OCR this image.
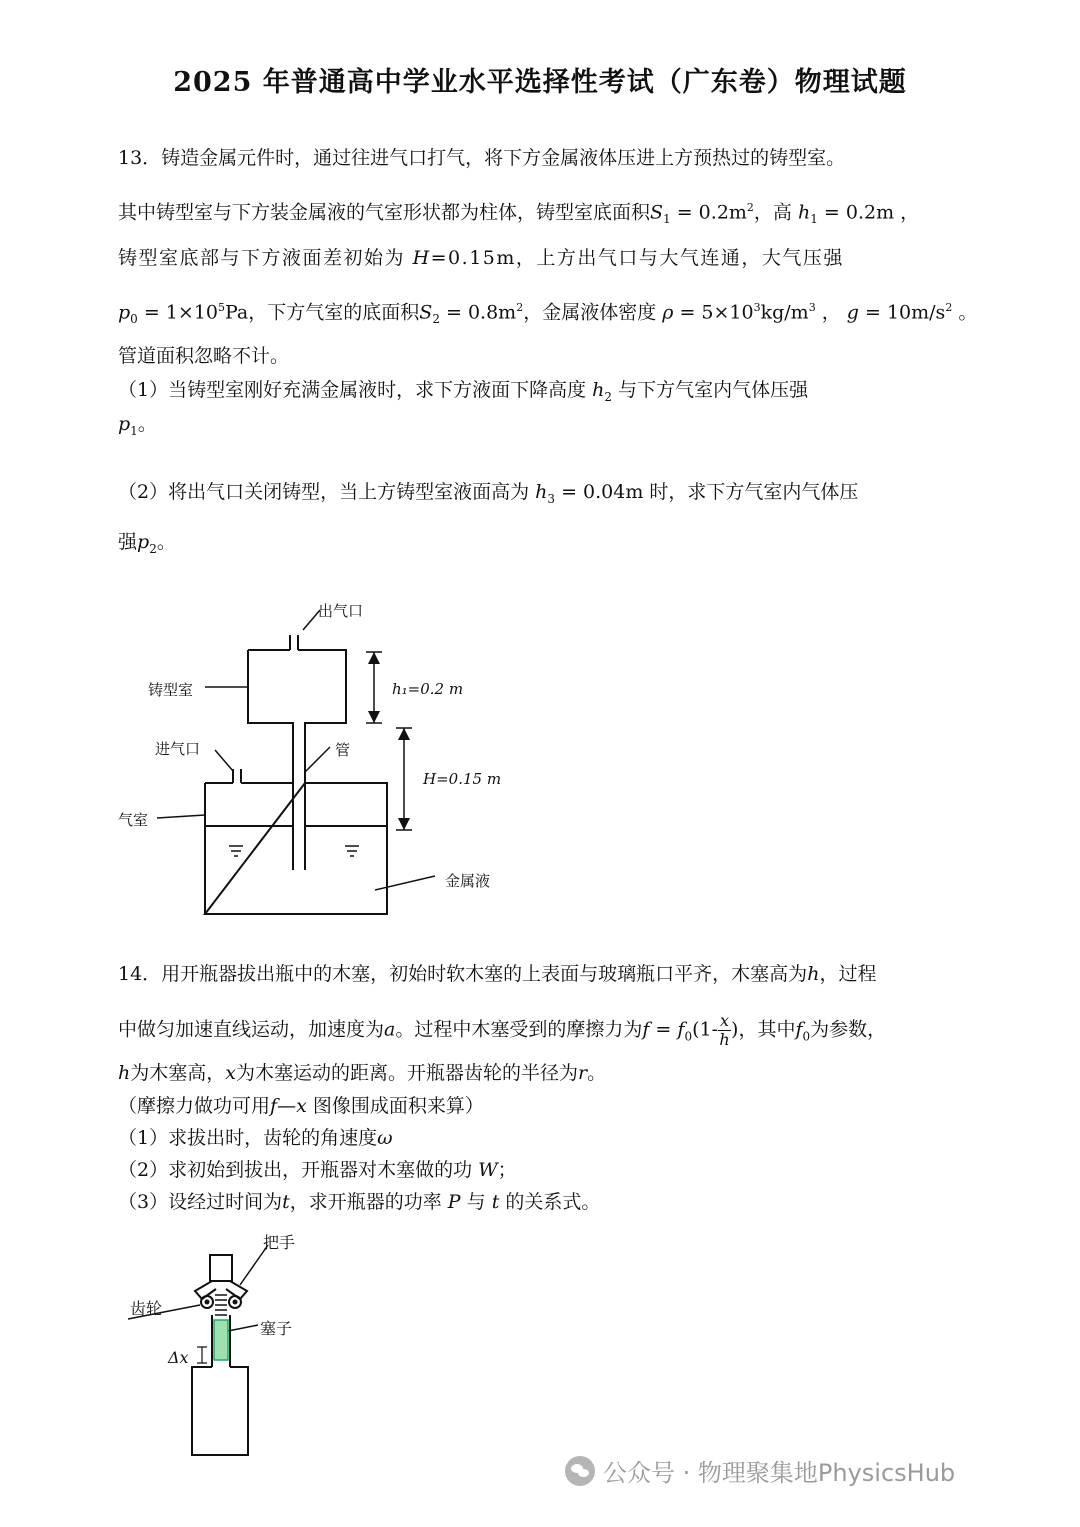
2025 年普通高中学业水平选择性考试（广东卷）物理试题
13．铸造金属元件时，通过往进气口打气，将下方金属液体压进上方预热过的铸型室。
其中铸型室与下方装金属液的气室形状都为柱体，铸型室底面积$S_1 = 0.2m^2$，高 $h_1 = 0.2m$ ，
铸型室底部与下方液面差初始为 H=0.15m，上方出气口与大气连通，大气压强
$p_0 = 1\times 10^5Pa$，下方气室的底面积$S_2 = 0.8m^2$，金属液体密度 $\rho = 5\times 10^3kg/m^3$ ， $g = 10m/s^2$ 。
管道面积忽略不计。
（1）当铸型室刚好充满金属液时，求下方液面下降高度 $h_2$ 与下方气室内气体压强
$p_1$。
（2）将出气口关闭铸型，当上方铸型室液面高为 $h_3 = 0.04m$ 时，求下方气室内气体压
强$p_2$。
出气口
铸型室	h₁=0.2 m
进气口	管
H=0.15 m
气室
金属液
14．用开瓶器拔出瓶中的木塞，初始时软木塞的上表面与玻璃瓶口平齐，木塞高为h，过程
中做匀加速直线运动，加速度为a。过程中木塞受到的摩擦力为$f = f_0(1- \frac{x}{h}$ )，其中$f_0$为参数，
h为木塞高，x为木塞运动的距离。开瓶器齿轮的半径为r。
（摩擦力做功可用f—x 图像围成面积来算）
（1）求拔出时，齿轮的角速度ω
（2）求初始到拔出，开瓶器对木塞做的功 W；
（3）设经过时间为t，求开瓶器的功率 P 与 t 的关系式。
把手
齿轮
塞子
Δx
公众号 · 物理聚集地PhysicsHub
